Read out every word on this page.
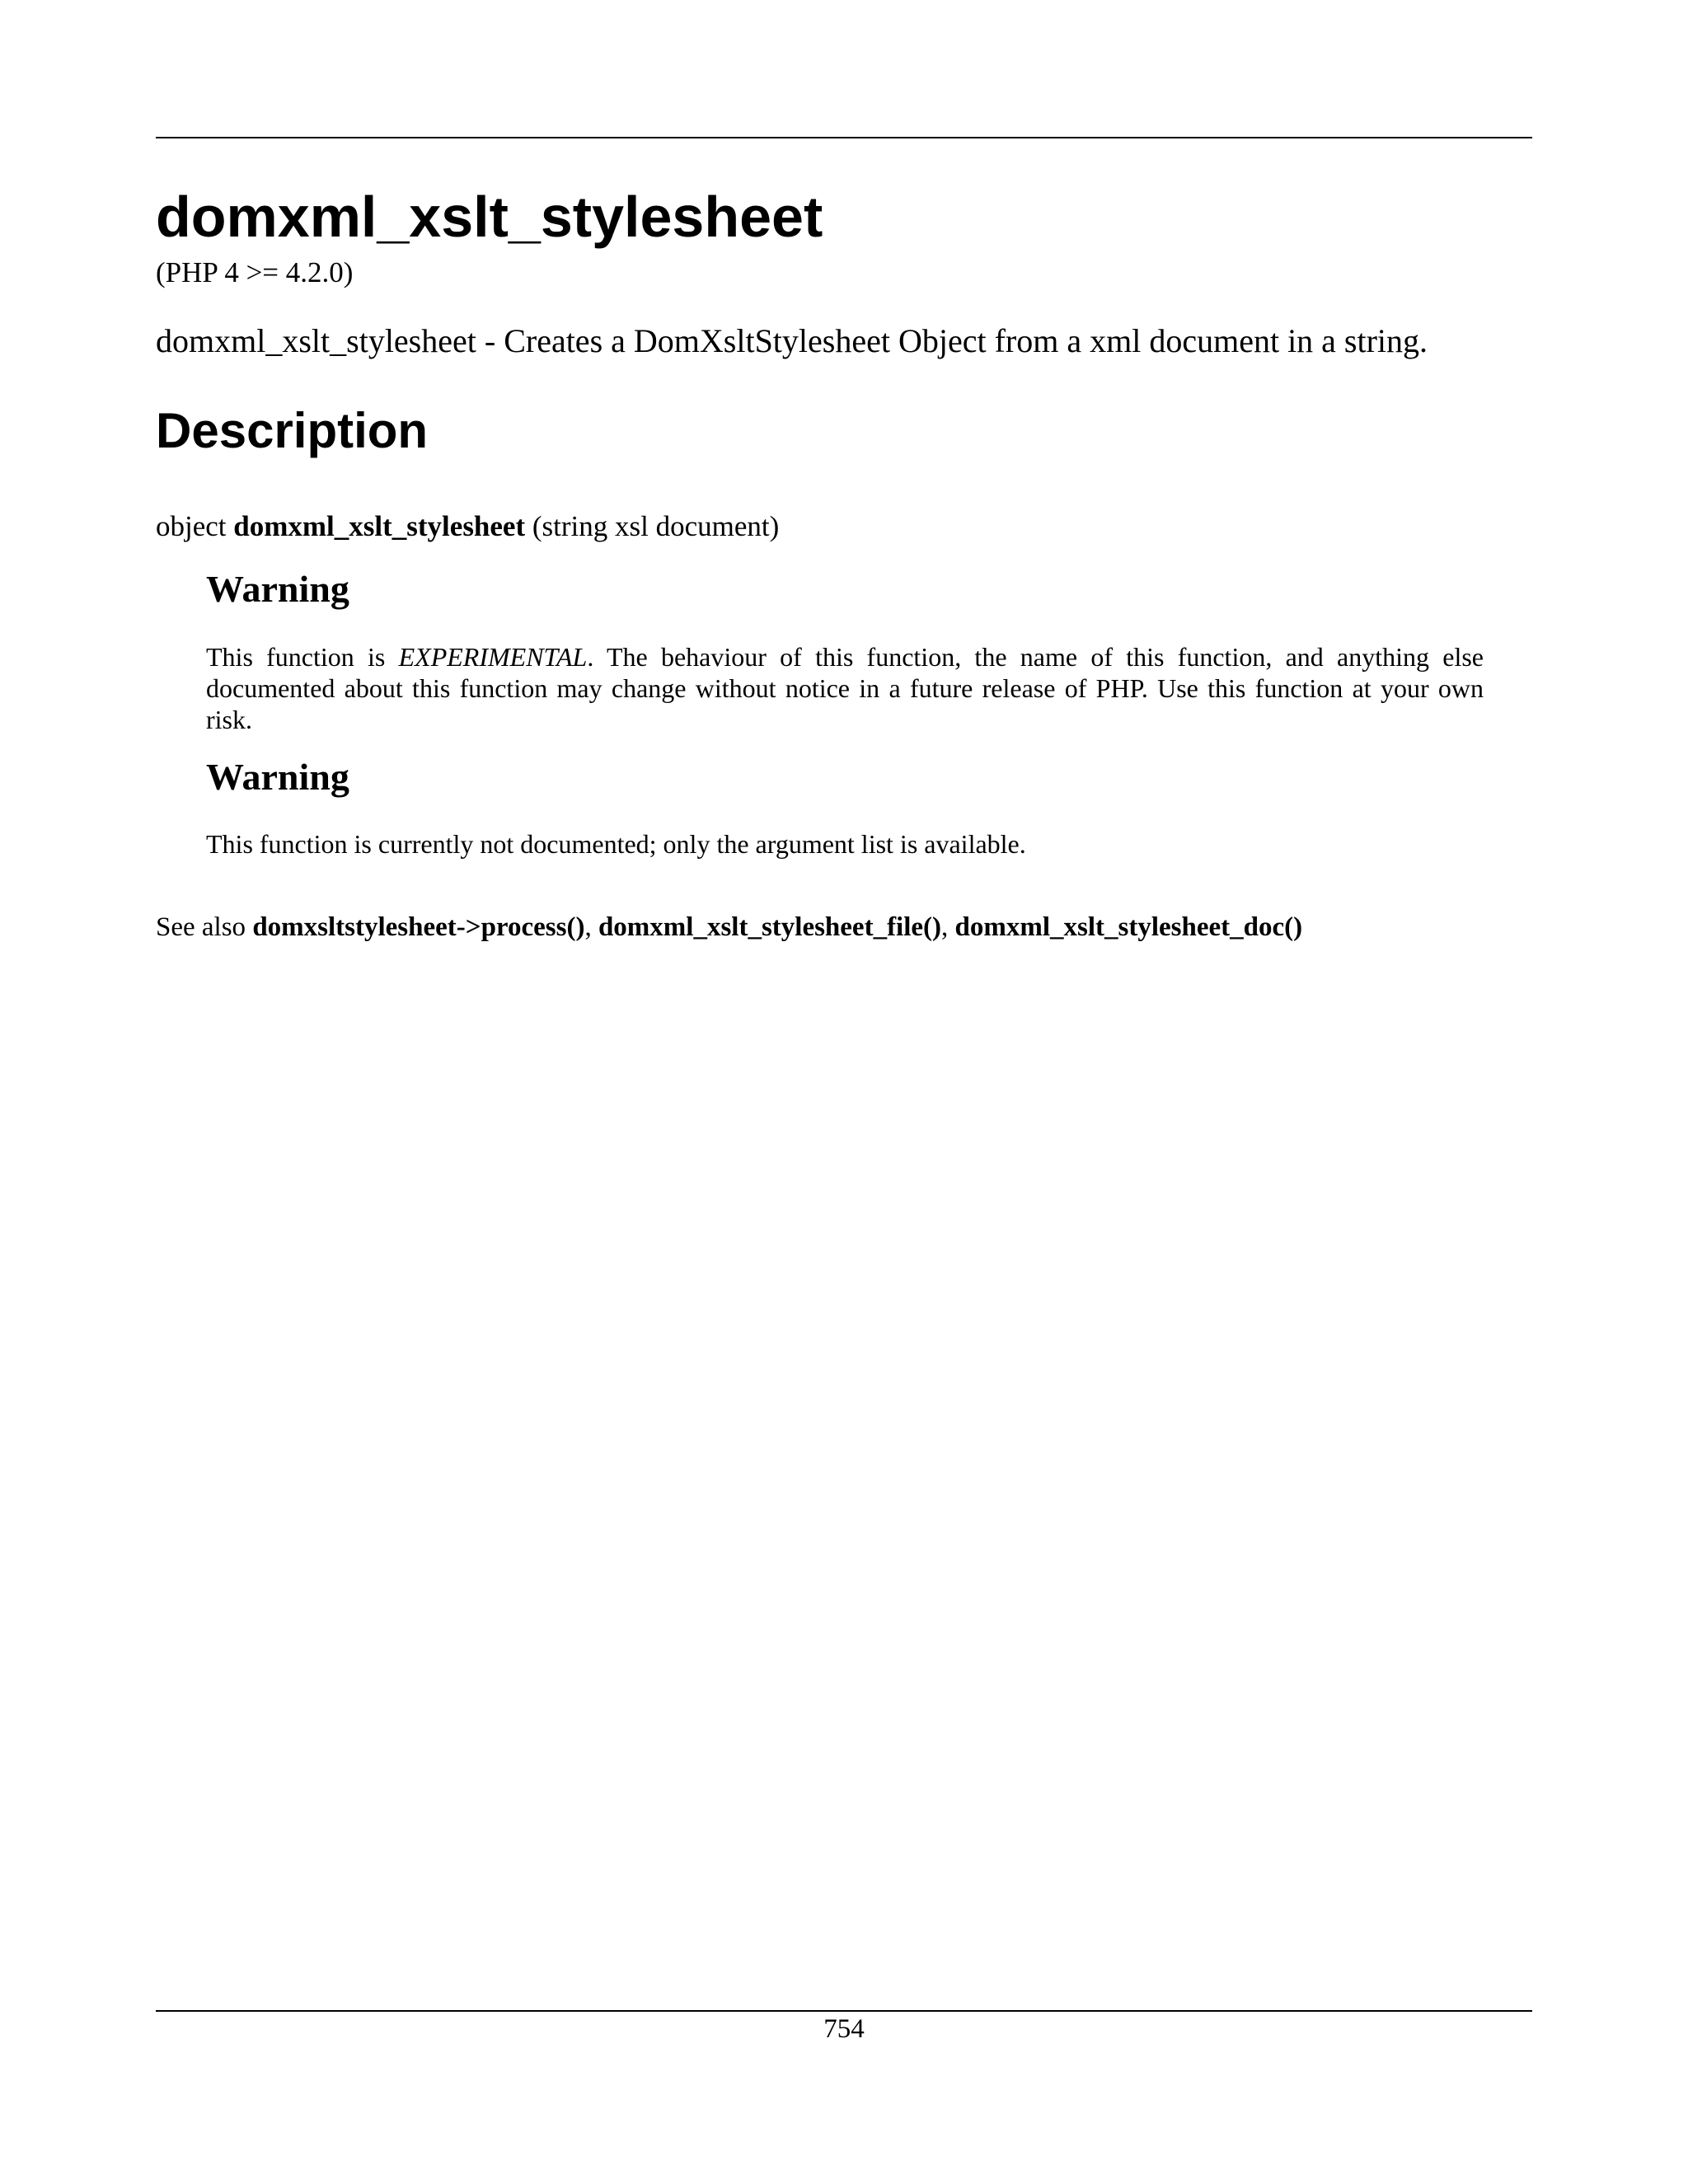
domxml_xslt_stylesheet
(PHP 4 >= 4.2.0)
domxml_xslt_stylesheet - Creates a DomXsltStylesheet Object from a xml document in a string.
Description
object domxml_xslt_stylesheet (string xsl document)
Warning
This function is EXPERIMENTAL. The behaviour of this function, the name of this function, and anything else documented about this function may change without notice in a future release of PHP. Use this function at your own risk.
Warning
This function is currently not documented; only the argument list is available.
See also domxsltstylesheet->process(), domxml_xslt_stylesheet_file(), domxml_xslt_stylesheet_doc()
754
